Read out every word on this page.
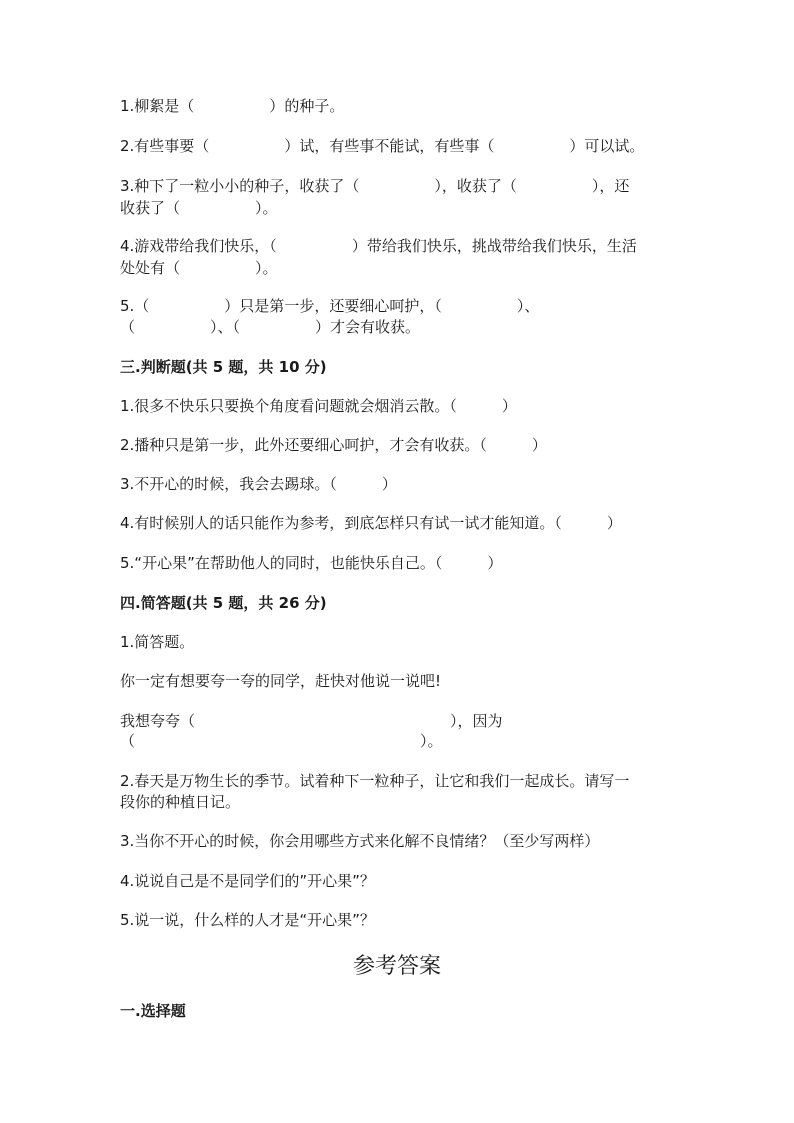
1.柳絮是（　　　　　）的种子。
2.有些事要（　　　　　）试，有些事不能试，有些事（　　　　　）可以试。
3.种下了一粒小小的种子，收获了（　　　　　），收获了（　　　　　），还
收获了（　　　　　）。
4.游戏带给我们快乐，（　　　　　）带给我们快乐，挑战带给我们快乐，生活
处处有（　　　　　）。
5.（　　　　　）只是第一步，还要细心呵护，（　　　　　）、
（　　　　　）、（　　　　　）才会有收获。
三.判断题(共 5 题，共 10 分)
1.很多不快乐只要换个角度看问题就会烟消云散。（　　　）
2.播种只是第一步，此外还要细心呵护，才会有收获。（　　　）
3.不开心的时候，我会去踢球。（　　　）
4.有时候别人的话只能作为参考，到底怎样只有试一试才能知道。（　　　）
5.“开心果”在帮助他人的同时，也能快乐自己。（　　　）
四.简答题(共 5 题，共 26 分)
1.简答题。
你一定有想要夸一夸的同学，赶快对他说一说吧!
我想夸夸（　　　　　　　　　　　　　　　　　），因为
（　　　　　　　　　　　　　　　　　　　）。
2.春天是万物生长的季节。试着种下一粒种子，让它和我们一起成长。请写一
段你的种植日记。
3.当你不开心的时候，你会用哪些方式来化解不良情绪？（至少写两样）
4.说说自己是不是同学们的”开心果”？
5.说一说，什么样的人才是“开心果”？
参考答案
一.选择题
